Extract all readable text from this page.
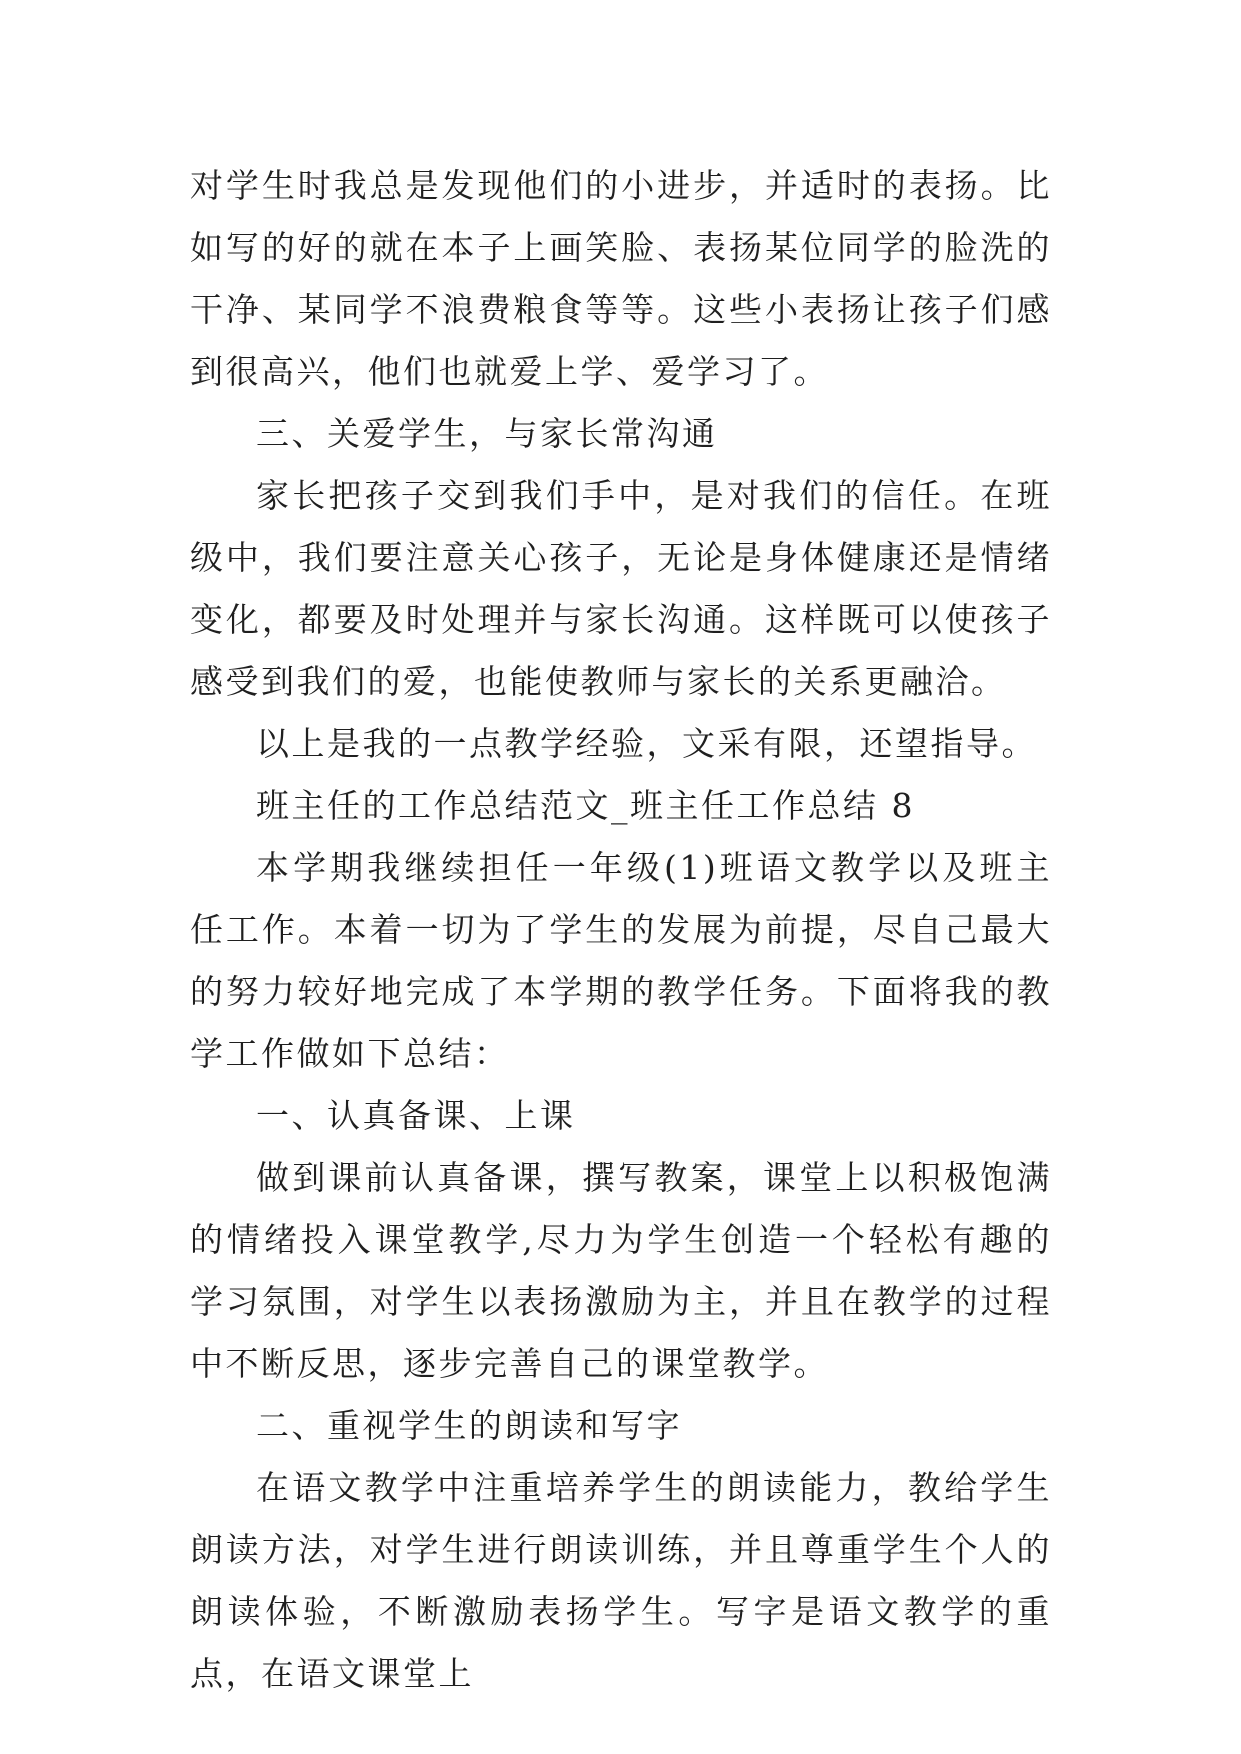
对学生时我总是发现他们的小进步，并适时的表扬。比如写的好的就在本子上画笑脸、表扬某位同学的脸洗的干净、某同学不浪费粮食等等。这些小表扬让孩子们感到很高兴，他们也就爱上学、爱学习了。

三、关爱学生，与家长常沟通

家长把孩子交到我们手中，是对我们的信任。在班级中，我们要注意关心孩子，无论是身体健康还是情绪变化，都要及时处理并与家长沟通。这样既可以使孩子感受到我们的爱，也能使教师与家长的关系更融洽。

以上是我的一点教学经验，文采有限，还望指导。

班主任的工作总结范文_班主任工作总结 8

本学期我继续担任一年级(1)班语文教学以及班主任工作。本着一切为了学生的发展为前提，尽自己最大的努力较好地完成了本学期的教学任务。下面将我的教学工作做如下总结：

一、认真备课、上课

做到课前认真备课，撰写教案，课堂上以积极饱满的情绪投入课堂教学,尽力为学生创造一个轻松有趣的学习氛围，对学生以表扬激励为主，并且在教学的过程中不断反思，逐步完善自己的课堂教学。

二、重视学生的朗读和写字

在语文教学中注重培养学生的朗读能力，教给学生朗读方法，对学生进行朗读训练，并且尊重学生个人的朗读体验，不断激励表扬学生。写字是语文教学的重点，在语文课堂上
